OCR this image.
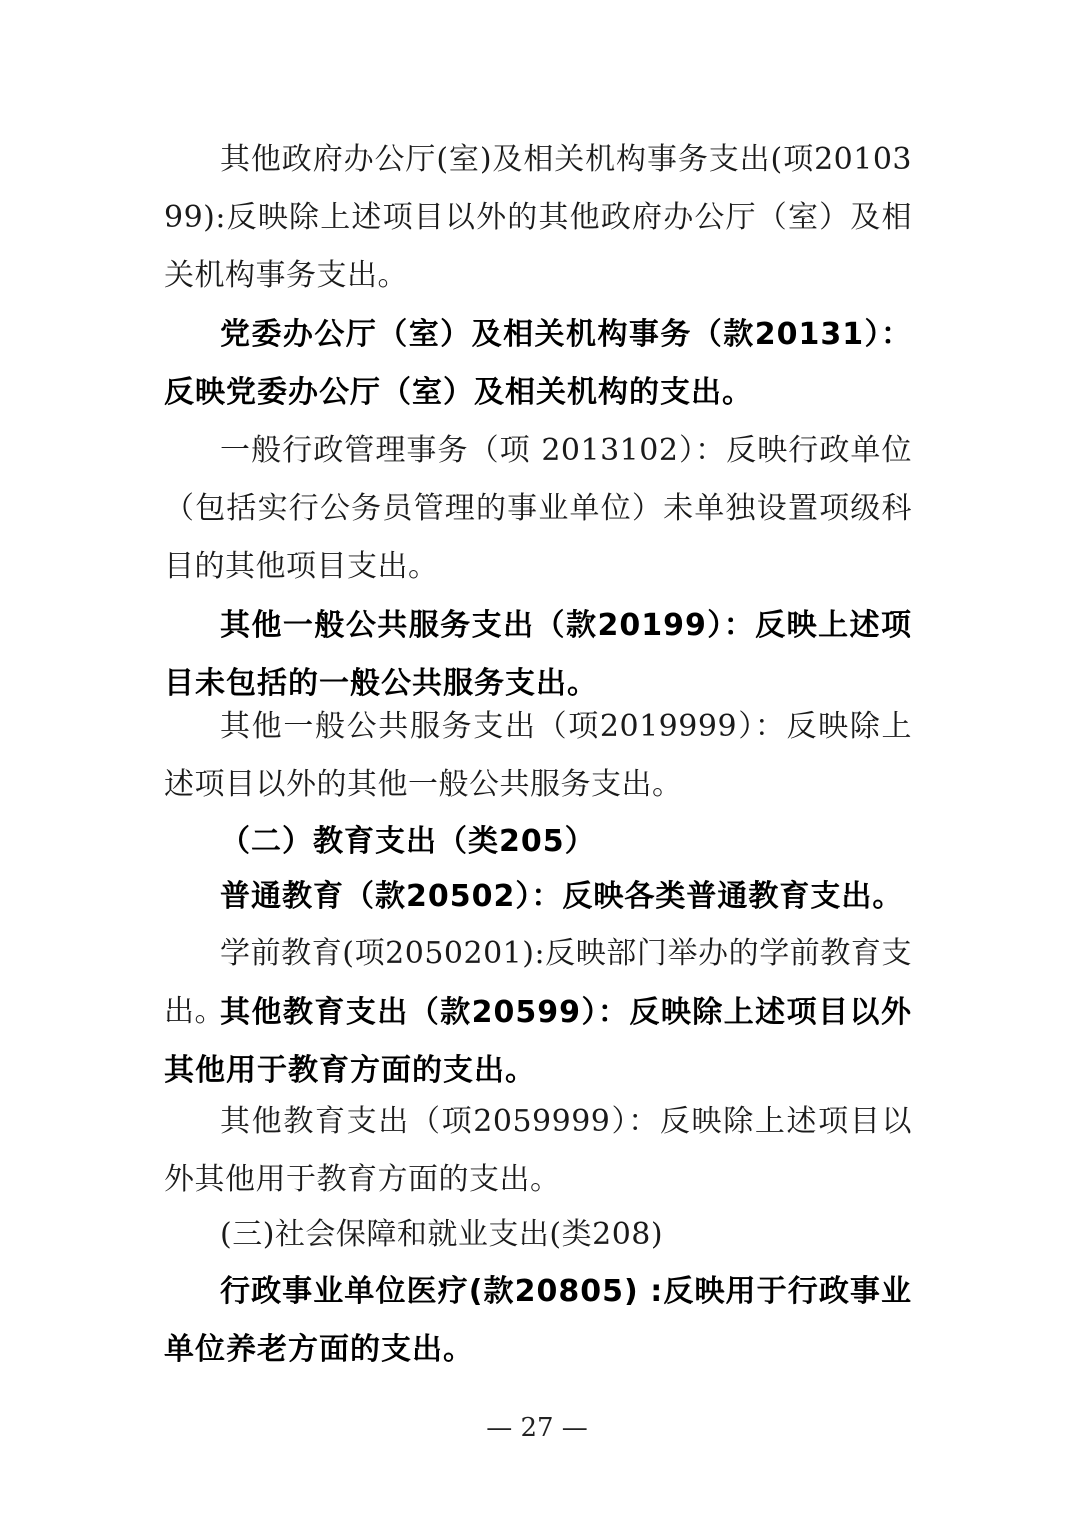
其他政府办公厅(室)及相关机构事务支出(项2010399):反映除上述项目以外的其他政府办公厅（室）及相关机构事务支出。

党委办公厅（室）及相关机构事务（款20131）：反映党委办公厅（室）及相关机构的支出。

一般行政管理事务（项 2013102）：反映行政单位（包括实行公务员管理的事业单位）未单独设置项级科目的其他项目支出。

其他一般公共服务支出（款20199）：反映上述项目未包括的一般公共服务支出。

其他一般公共服务支出（项2019999）：反映除上述项目以外的其他一般公共服务支出。

（二）教育支出（类205）

普通教育（款20502）：反映各类普通教育支出。

学前教育(项2050201):反映部门举办的学前教育支出。

其他教育支出（款20599）：反映除上述项目以外其他用于教育方面的支出。

其他教育支出（项2059999）：反映除上述项目以外其他用于教育方面的支出。

(三)社会保障和就业支出(类208)

行政事业单位医疗(款20805) :反映用于行政事业单位养老方面的支出。

— 27 —
